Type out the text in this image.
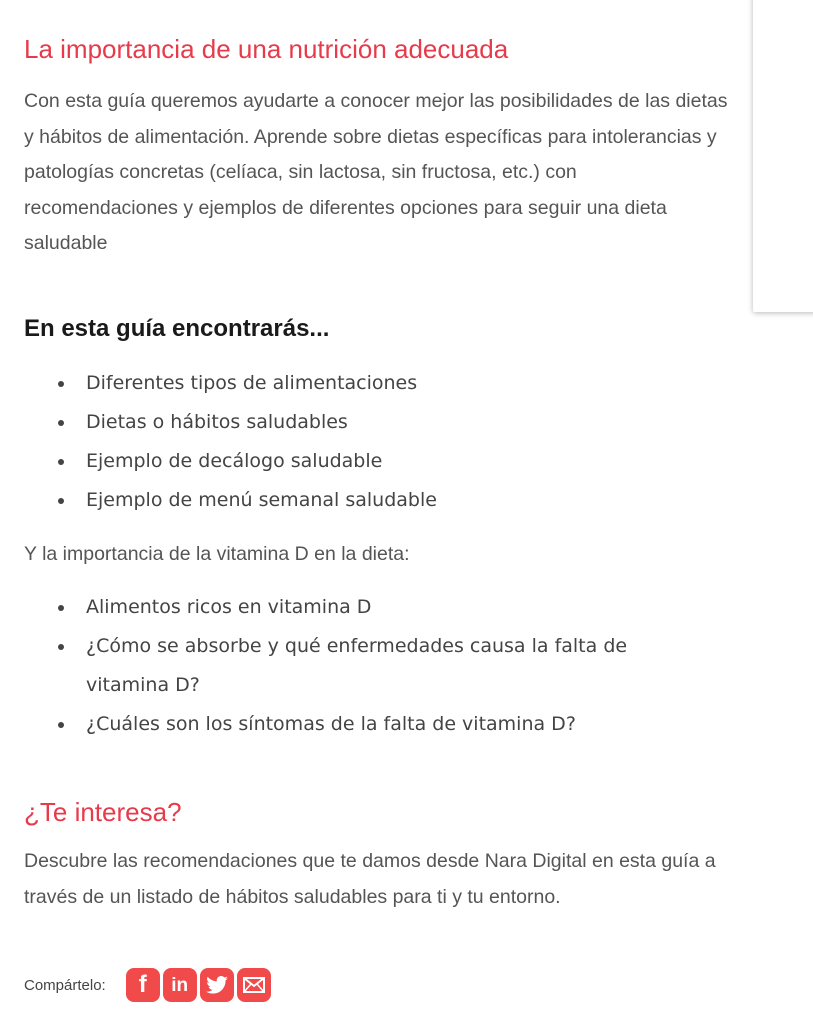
La importancia de una nutrición adecuada

Con esta guía queremos ayudarte a conocer mejor las posibilidades de las dietas y hábitos de alimentación. Aprende sobre dietas específicas para intolerancias y patologías concretas (celíaca, sin lactosa, sin fructosa, etc.) con recomendaciones y ejemplos de diferentes opciones para seguir una dieta saludable

En esta guía encontrarás...
Diferentes tipos de alimentaciones
Dietas o hábitos saludables
Ejemplo de decálogo saludable
Ejemplo de menú semanal saludable

Y la importancia de la vitamina D en la dieta:

Alimentos ricos en vitamina D
¿Cómo se absorbe y qué enfermedades causa la falta de vitamina D?
¿Cuáles son los síntomas de la falta de vitamina D?
¿Te interesa?

Descubre las recomendaciones que te damos desde Nara Digital en esta guía a través de un listado de hábitos saludables para ti y tu entorno.

Compártelo: f in
